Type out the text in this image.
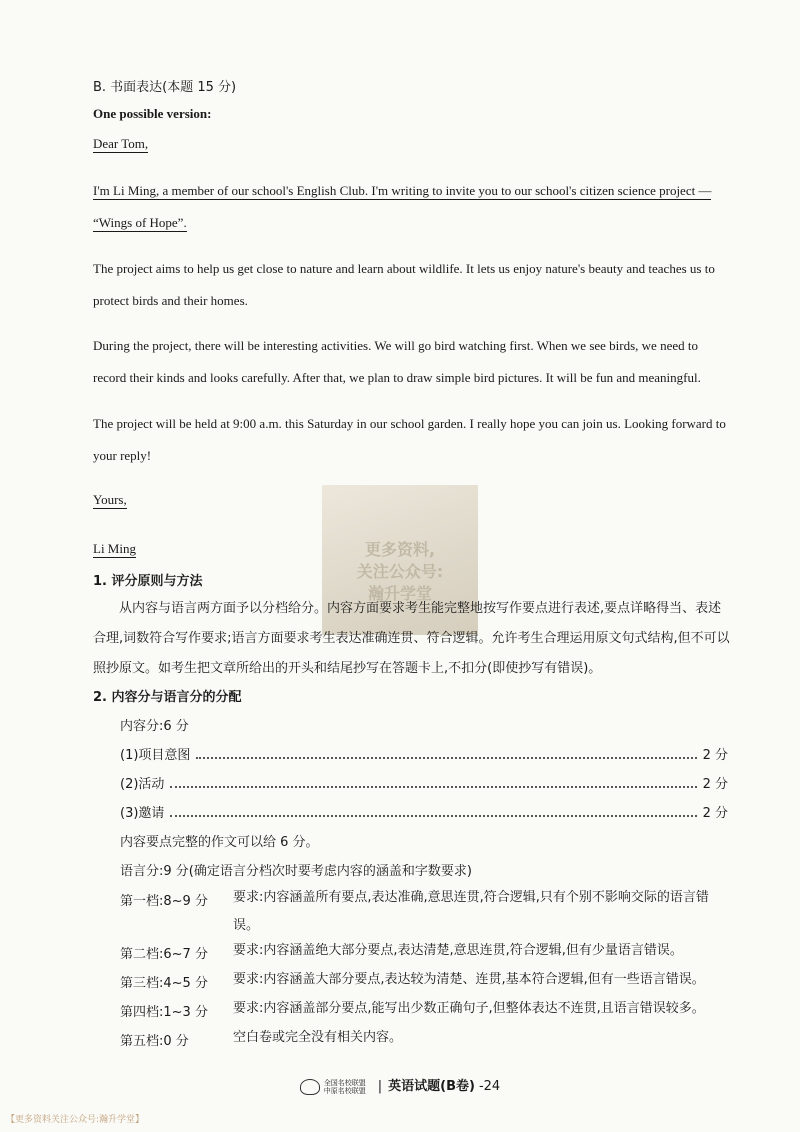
B. 书面表达(本题 15 分)
One possible version:
Dear Tom,
I'm Li Ming, a member of our school's English Club. I'm writing to invite you to our school's citizen science project — “Wings of Hope”.
The project aims to help us get close to nature and learn about wildlife. It lets us enjoy nature's beauty and teaches us to protect birds and their homes.
During the project, there will be interesting activities. We will go bird watching first. When we see birds, we need to record their kinds and looks carefully. After that, we plan to draw simple bird pictures. It will be fun and meaningful.
The project will be held at 9:00 a.m. this Saturday in our school garden. I really hope you can join us. Looking forward to your reply!
Yours,
Li Ming	更多资料,
关注公众号:
瀚升学堂
1. 评分原则与方法
从内容与语言两方面予以分档给分。内容方面要求考生能完整地按写作要点进行表述,要点详略得当、表述合理,词数符合写作要求;语言方面要求考生表达准确连贯、符合逻辑。允许考生合理运用原文句式结构,但不可以照抄原文。如考生把文章所给出的开头和结尾抄写在答题卡上,不扣分(即使抄写有错误)。
2. 内容分与语言分的分配
内容分:6 分
(1)项目意图	2 分
(2)活动	2 分
(3)邀请	2 分
内容要点完整的作文可以给 6 分。
语言分:9 分(确定语言分档次时要考虑内容的涵盖和字数要求)
第一档:8~9 分 要求:内容涵盖所有要点,表达准确,意思连贯,符合逻辑,只有个别不影响交际的语言错误。
第二档:6~7 分 要求:内容涵盖绝大部分要点,表达清楚,意思连贯,符合逻辑,但有少量语言错误。
第三档:4~5 分 要求:内容涵盖大部分要点,表达较为清楚、连贯,基本符合逻辑,但有一些语言错误。
第四档:1~3 分 要求:内容涵盖部分要点,能写出少数正确句子,但整体表达不连贯,且语言错误较多。
第五档:0 分	空白卷或完全没有相关内容。
全国名校联盟
中原名校联盟 | 英语试题(B卷) -24
【更多资料关注公众号:瀚升学堂】
